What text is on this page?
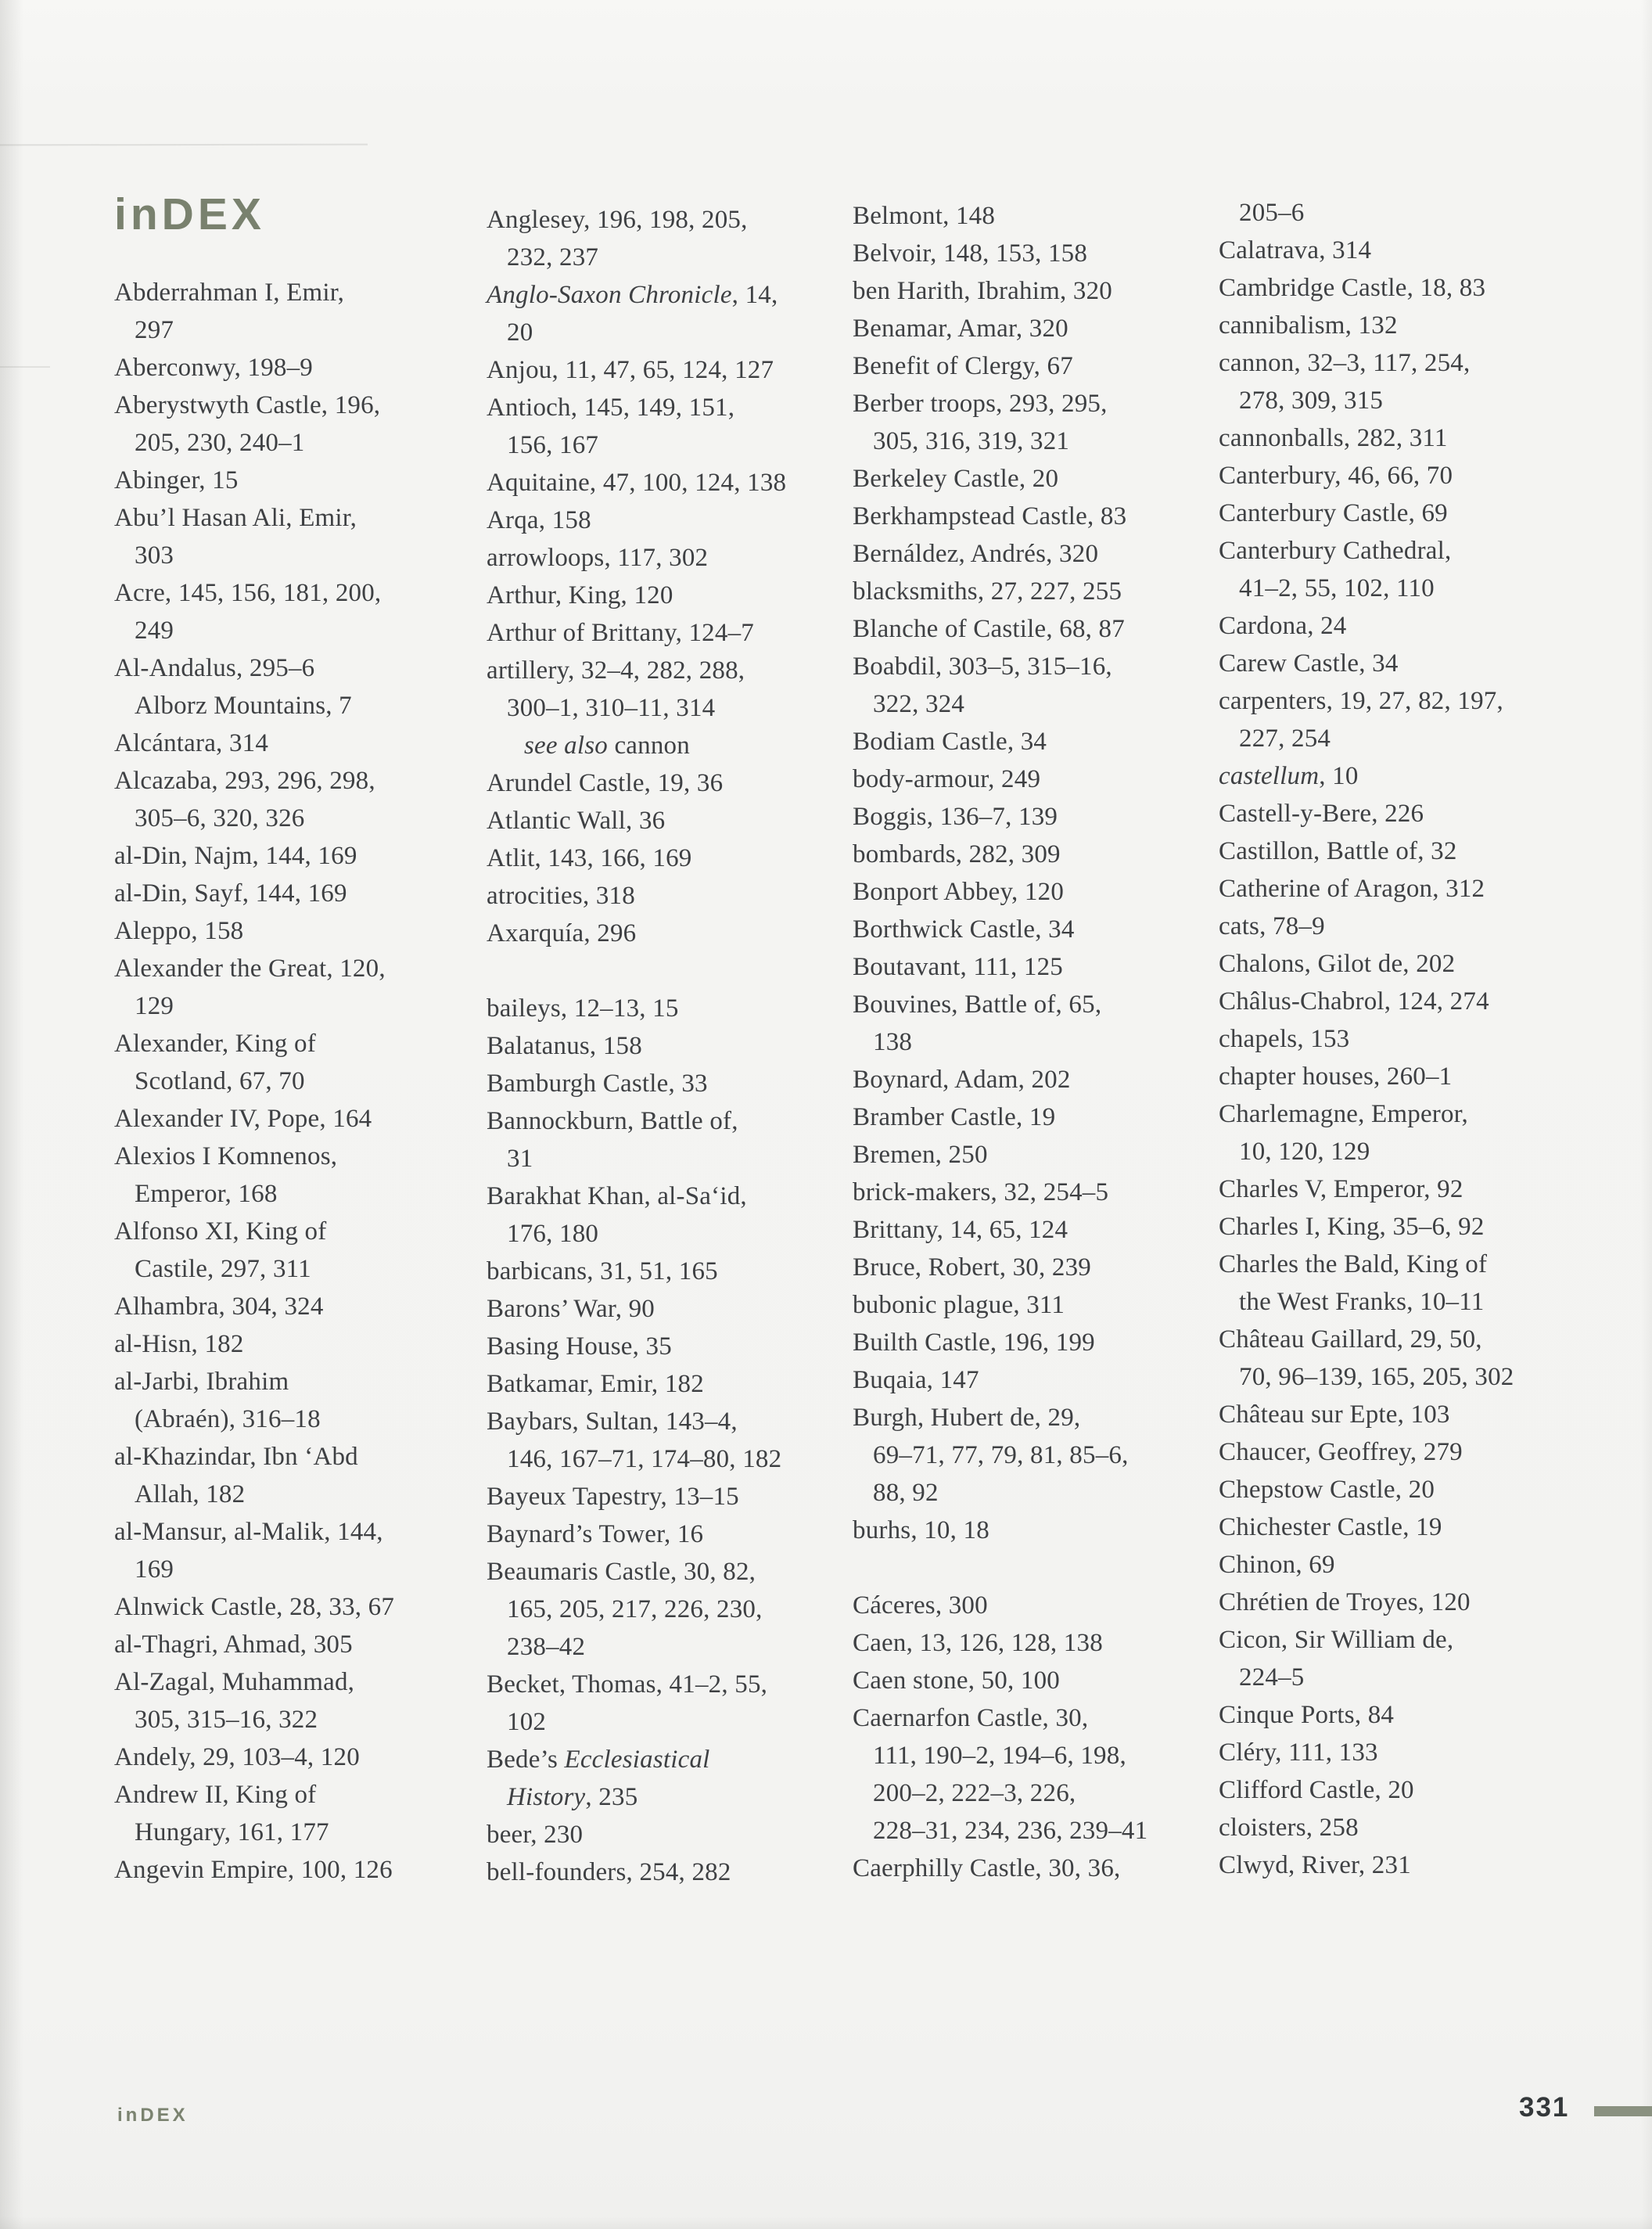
inDEX
Abderrahman I, Emir,
297
Aberconwy, 198–9
Aberystwyth Castle, 196,
205, 230, 240–1
Abinger, 15
Abu’l Hasan Ali, Emir,
303
Acre, 145, 156, 181, 200,
249
Al-Andalus, 295–6
Alborz Mountains, 7
Alcántara, 314
Alcazaba, 293, 296, 298,
305–6, 320, 326
al-Din, Najm, 144, 169
al-Din, Sayf, 144, 169
Aleppo, 158
Alexander the Great, 120,
129
Alexander, King of
Scotland, 67, 70
Alexander IV, Pope, 164
Alexios I Komnenos,
Emperor, 168
Alfonso XI, King of
Castile, 297, 311
Alhambra, 304, 324
al-Hisn, 182
al-Jarbi, Ibrahim
(Abraén), 316–18
al-Khazindar, Ibn ‘Abd
Allah, 182
al-Mansur, al-Malik, 144,
169
Alnwick Castle, 28, 33, 67
al-Thagri, Ahmad, 305
Al-Zagal, Muhammad,
305, 315–16, 322
Andely, 29, 103–4, 120
Andrew II, King of
Hungary, 161, 177
Angevin Empire, 100, 126
Anglesey, 196, 198, 205,
232, 237
Anglo-Saxon Chronicle, 14,
20
Anjou, 11, 47, 65, 124, 127
Antioch, 145, 149, 151,
156, 167
Aquitaine, 47, 100, 124, 138
Arqa, 158
arrowloops, 117, 302
Arthur, King, 120
Arthur of Brittany, 124–7
artillery, 32–4, 282, 288,
300–1, 310–11, 314
see also cannon
Arundel Castle, 19, 36
Atlantic Wall, 36
Atlit, 143, 166, 169
atrocities, 318
Axarquía, 296
baileys, 12–13, 15
Balatanus, 158
Bamburgh Castle, 33
Bannockburn, Battle of,
31
Barakhat Khan, al-Sa‘id,
176, 180
barbicans, 31, 51, 165
Barons’ War, 90
Basing House, 35
Batkamar, Emir, 182
Baybars, Sultan, 143–4,
146, 167–71, 174–80, 182
Bayeux Tapestry, 13–15
Baynard’s Tower, 16
Beaumaris Castle, 30, 82,
165, 205, 217, 226, 230,
238–42
Becket, Thomas, 41–2, 55,
102
Bede’s Ecclesiastical
History, 235
beer, 230
bell-founders, 254, 282
Belmont, 148
Belvoir, 148, 153, 158
ben Harith, Ibrahim, 320
Benamar, Amar, 320
Benefit of Clergy, 67
Berber troops, 293, 295,
305, 316, 319, 321
Berkeley Castle, 20
Berkhampstead Castle, 83
Bernáldez, Andrés, 320
blacksmiths, 27, 227, 255
Blanche of Castile, 68, 87
Boabdil, 303–5, 315–16,
322, 324
Bodiam Castle, 34
body-armour, 249
Boggis, 136–7, 139
bombards, 282, 309
Bonport Abbey, 120
Borthwick Castle, 34
Boutavant, 111, 125
Bouvines, Battle of, 65,
138
Boynard, Adam, 202
Bramber Castle, 19
Bremen, 250
brick-makers, 32, 254–5
Brittany, 14, 65, 124
Bruce, Robert, 30, 239
bubonic plague, 311
Builth Castle, 196, 199
Buqaia, 147
Burgh, Hubert de, 29,
69–71, 77, 79, 81, 85–6,
88, 92
burhs, 10, 18
Cáceres, 300
Caen, 13, 126, 128, 138
Caen stone, 50, 100
Caernarfon Castle, 30,
111, 190–2, 194–6, 198,
200–2, 222–3, 226,
228–31, 234, 236, 239–41
Caerphilly Castle, 30, 36,
205–6
Calatrava, 314
Cambridge Castle, 18, 83
cannibalism, 132
cannon, 32–3, 117, 254,
278, 309, 315
cannonballs, 282, 311
Canterbury, 46, 66, 70
Canterbury Castle, 69
Canterbury Cathedral,
41–2, 55, 102, 110
Cardona, 24
Carew Castle, 34
carpenters, 19, 27, 82, 197,
227, 254
castellum, 10
Castell-y-Bere, 226
Castillon, Battle of, 32
Catherine of Aragon, 312
cats, 78–9
Chalons, Gilot de, 202
Châlus-Chabrol, 124, 274
chapels, 153
chapter houses, 260–1
Charlemagne, Emperor,
10, 120, 129
Charles V, Emperor, 92
Charles I, King, 35–6, 92
Charles the Bald, King of
the West Franks, 10–11
Château Gaillard, 29, 50,
70, 96–139, 165, 205, 302
Château sur Epte, 103
Chaucer, Geoffrey, 279
Chepstow Castle, 20
Chichester Castle, 19
Chinon, 69
Chrétien de Troyes, 120
Cicon, Sir William de,
224–5
Cinque Ports, 84
Cléry, 111, 133
Clifford Castle, 20
cloisters, 258
Clwyd, River, 231
inDEX	331
